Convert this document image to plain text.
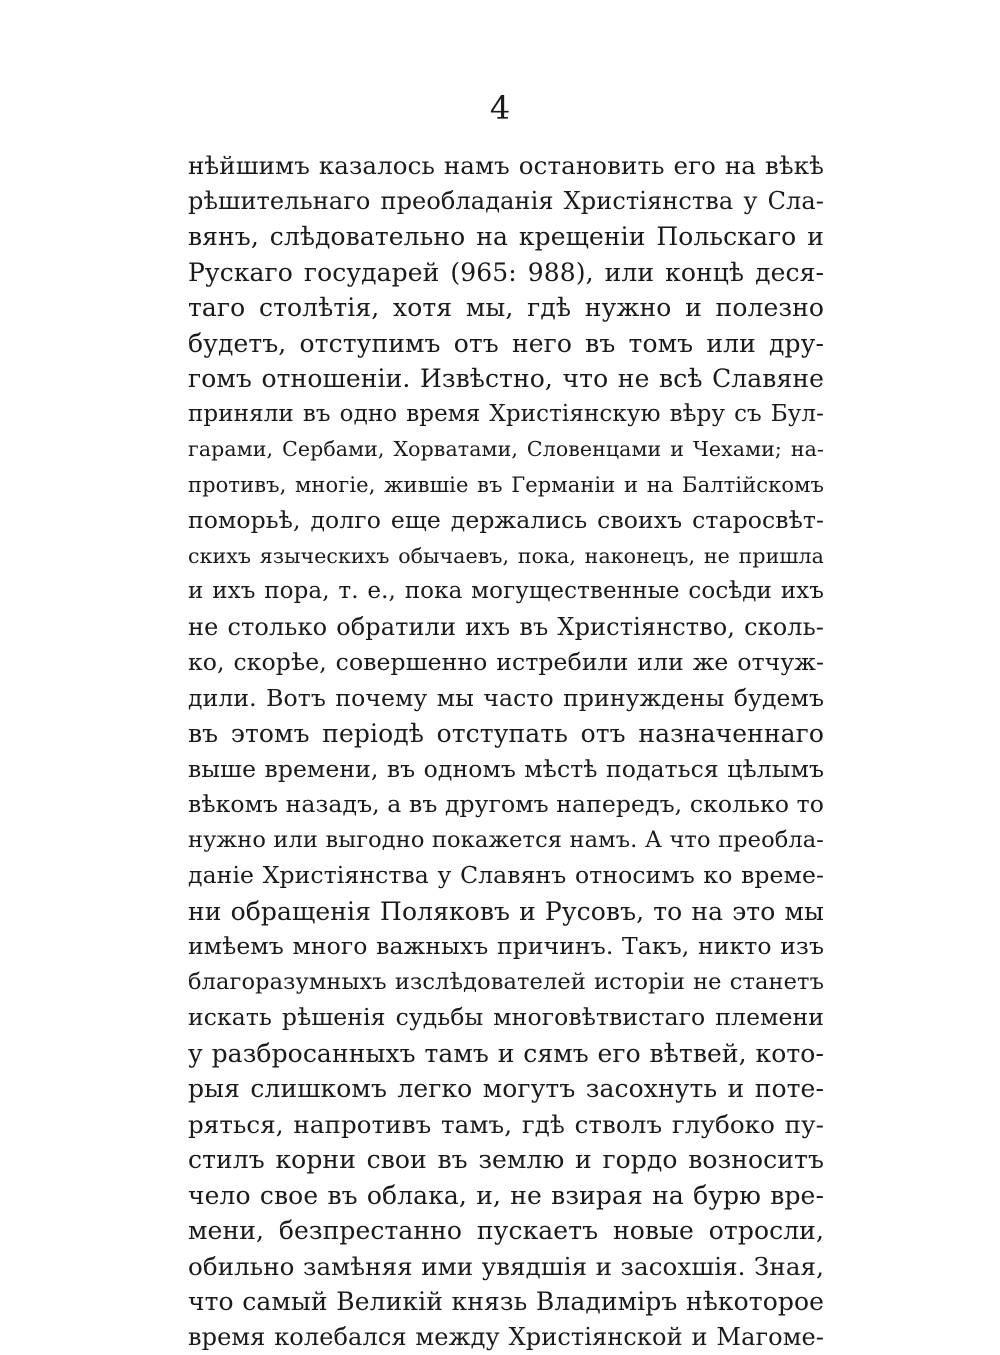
4
нѣйшимъ казалось намъ остановить его на вѣкѣ
рѣшительнаго преобладанія Христіянства у Сла-
вянъ, слѣдовательно на крещеніи Польскаго и
Рускаго государей (965: 988), или концѣ деся-
таго столѣтія, хотя мы, гдѣ нужно и полезно
будетъ, отступимъ отъ него въ томъ или дру-
гомъ отношеніи. Извѣстно, что не всѣ Славяне
приняли въ одно время Христіянскую вѣру съ Бул-
гарами, Сербами, Хорватами, Словенцами и Чехами; на-
противъ, многіе, жившіе въ Германіи и на Балтійскомъ
поморьѣ, долго еще держались своихъ старосвѣт-
скихъ языческихъ обычаевъ, пока, наконецъ, не пришла
и ихъ пора, т. е., пока могущественные сосѣди ихъ
не столько обратили ихъ въ Христіянство, сколь-
ко, скорѣе, совершенно истребили или же отчуж-
дили. Вотъ почему мы часто принуждены будемъ
въ этомъ періодѣ отступать отъ назначеннаго
выше времени, въ одномъ мѣстѣ податься цѣлымъ
вѣкомъ назадъ, а въ другомъ напередъ, сколько то
нужно или выгодно покажется намъ. А что преобла-
даніе Христіянства у Славянъ относимъ ко време-
ни обращенія Поляковъ и Русовъ, то на это мы
имѣемъ много важныхъ причинъ. Такъ, никто изъ
благоразумныхъ изслѣдователей исторіи не станетъ
искать рѣшенія судьбы многовѣтвистаго племени
у разбросанныхъ тамъ и сямъ его вѣтвей, кото-
рыя слишкомъ легко могутъ засохнуть и поте-
ряться, напротивъ тамъ, гдѣ стволъ глубоко пу-
стилъ корни свои въ землю и гордо возноситъ
чело свое въ облака, и, не взирая на бурю вре-
мени, безпрестанно пускаетъ новые отросли,
обильно замѣняя ими увядшія и засохшія. Зная,
что самый Великій князь Владиміръ нѣкоторое
время колебался между Христіянской и Магоме-
